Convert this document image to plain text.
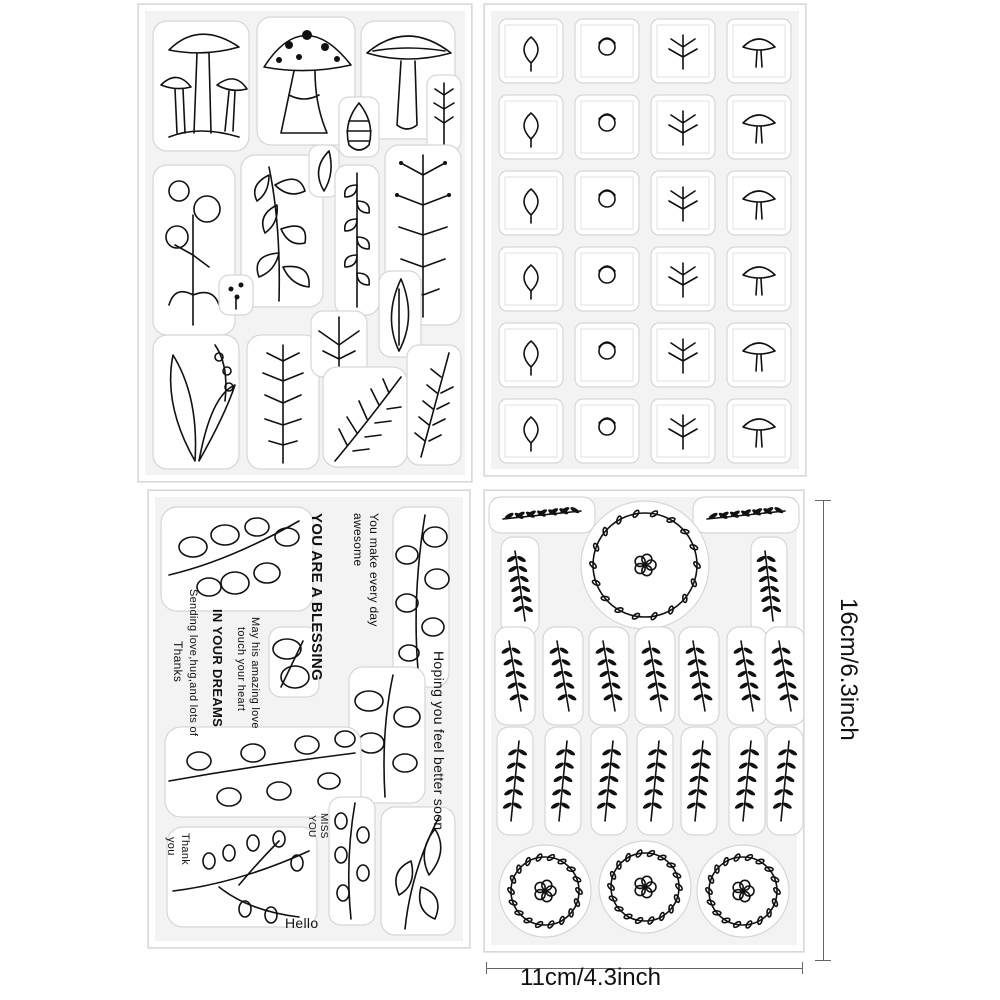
YOU ARE A BLESSING	You make every day
awesome
May his amazing love
touch your heart
IN YOUR DREAMS
Sending love,hug,and lots of
Thanks	Hoping you feel better soon
MISS
YOU
Thank
you
Hello
16cm/6.3inch
11cm/4.3inch
